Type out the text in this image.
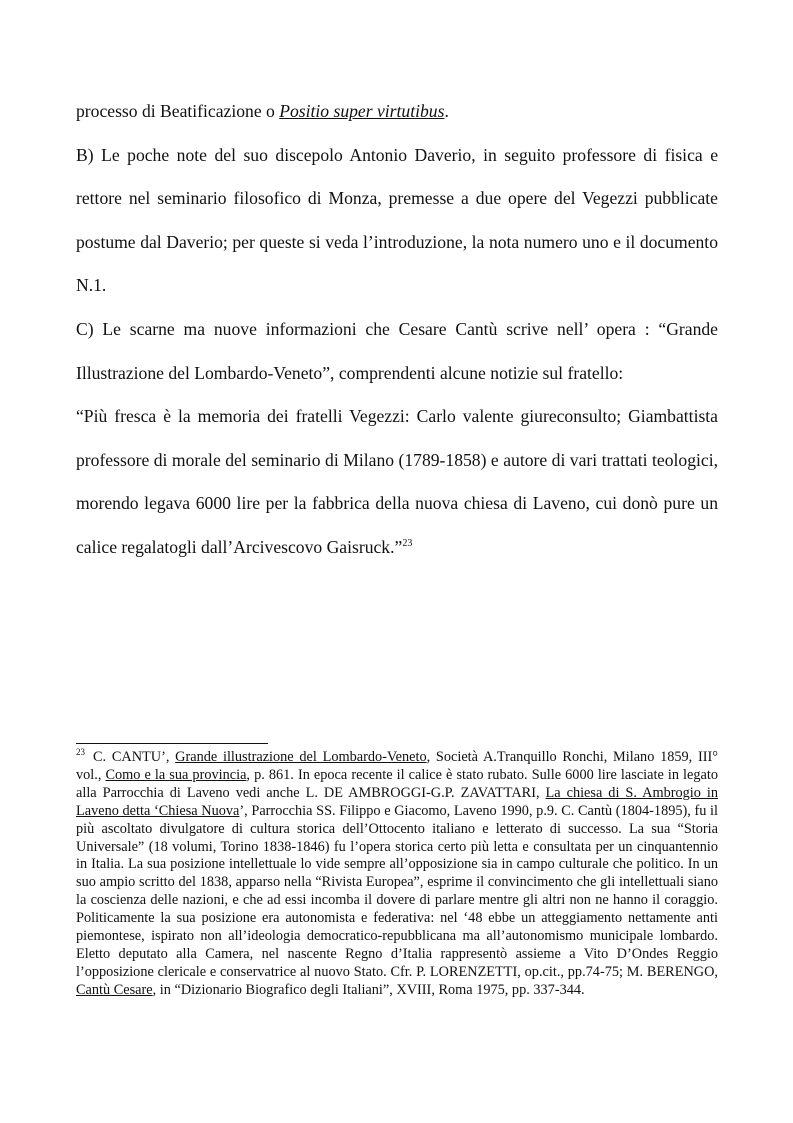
processo di Beatificazione o Positio super virtutibus.

B) Le poche note del suo discepolo Antonio Daverio, in seguito professore di fisica e rettore nel seminario filosofico di Monza, premesse a due opere del Vegezzi pubblicate postume dal Daverio; per queste si veda l’introduzione, la nota numero uno e il documento N.1.

C) Le scarne ma nuove informazioni che Cesare Cantù scrive nell’ opera : “Grande Illustrazione del Lombardo-Veneto”, comprendenti alcune notizie sul fratello:

“Più fresca è la memoria dei fratelli Vegezzi: Carlo valente giureconsulto; Giambattista professore di morale del seminario di Milano (1789-1858) e autore di vari trattati teologici, morendo legava 6000 lire per la fabbrica della nuova chiesa di Laveno, cui donò pure un calice regalatogli dall’Arcivescovo Gaisruck.”$^{23}$

$^{23}$ C. CANTU’, Grande illustrazione del Lombardo-Veneto, Società A.Tranquillo Ronchi, Milano 1859, III° vol., Como e la sua provincia, p. 861. In epoca recente il calice è stato rubato. Sulle 6000 lire lasciate in legato alla Parrocchia di Laveno vedi anche L. DE AMBROGGI-G.P. ZAVATTARI, La chiesa di S. Ambrogio in Laveno detta ‘Chiesa Nuova’, Parrocchia SS. Filippo e Giacomo, Laveno 1990, p.9. C. Cantù (1804-1895), fu il più ascoltato divulgatore di cultura storica dell’Ottocento italiano e letterato di successo. La sua “Storia Universale” (18 volumi, Torino 1838-1846) fu l’opera storica certo più letta e consultata per un cinquantennio in Italia. La sua posizione intellettuale lo vide sempre all’opposizione sia in campo culturale che politico. In un suo ampio scritto del 1838, apparso nella “Rivista Europea”, esprime il convincimento che gli intellettuali siano la coscienza delle nazioni, e che ad essi incomba il dovere di parlare mentre gli altri non ne hanno il coraggio. Politicamente la sua posizione era autonomista e federativa: nel ‘48 ebbe un atteggiamento nettamente anti piemontese, ispirato non all’ideologia democratico-repubblicana ma all’autonomismo municipale lombardo. Eletto deputato alla Camera, nel nascente Regno d’Italia rappresentò assieme a Vito D’Ondes Reggio l’opposizione clericale e conservatrice al nuovo Stato. Cfr. P. LORENZETTI, op.cit., pp.74-75; M. BERENGO, Cantù Cesare, in “Dizionario Biografico degli Italiani”, XVIII, Roma 1975, pp. 337-344.
